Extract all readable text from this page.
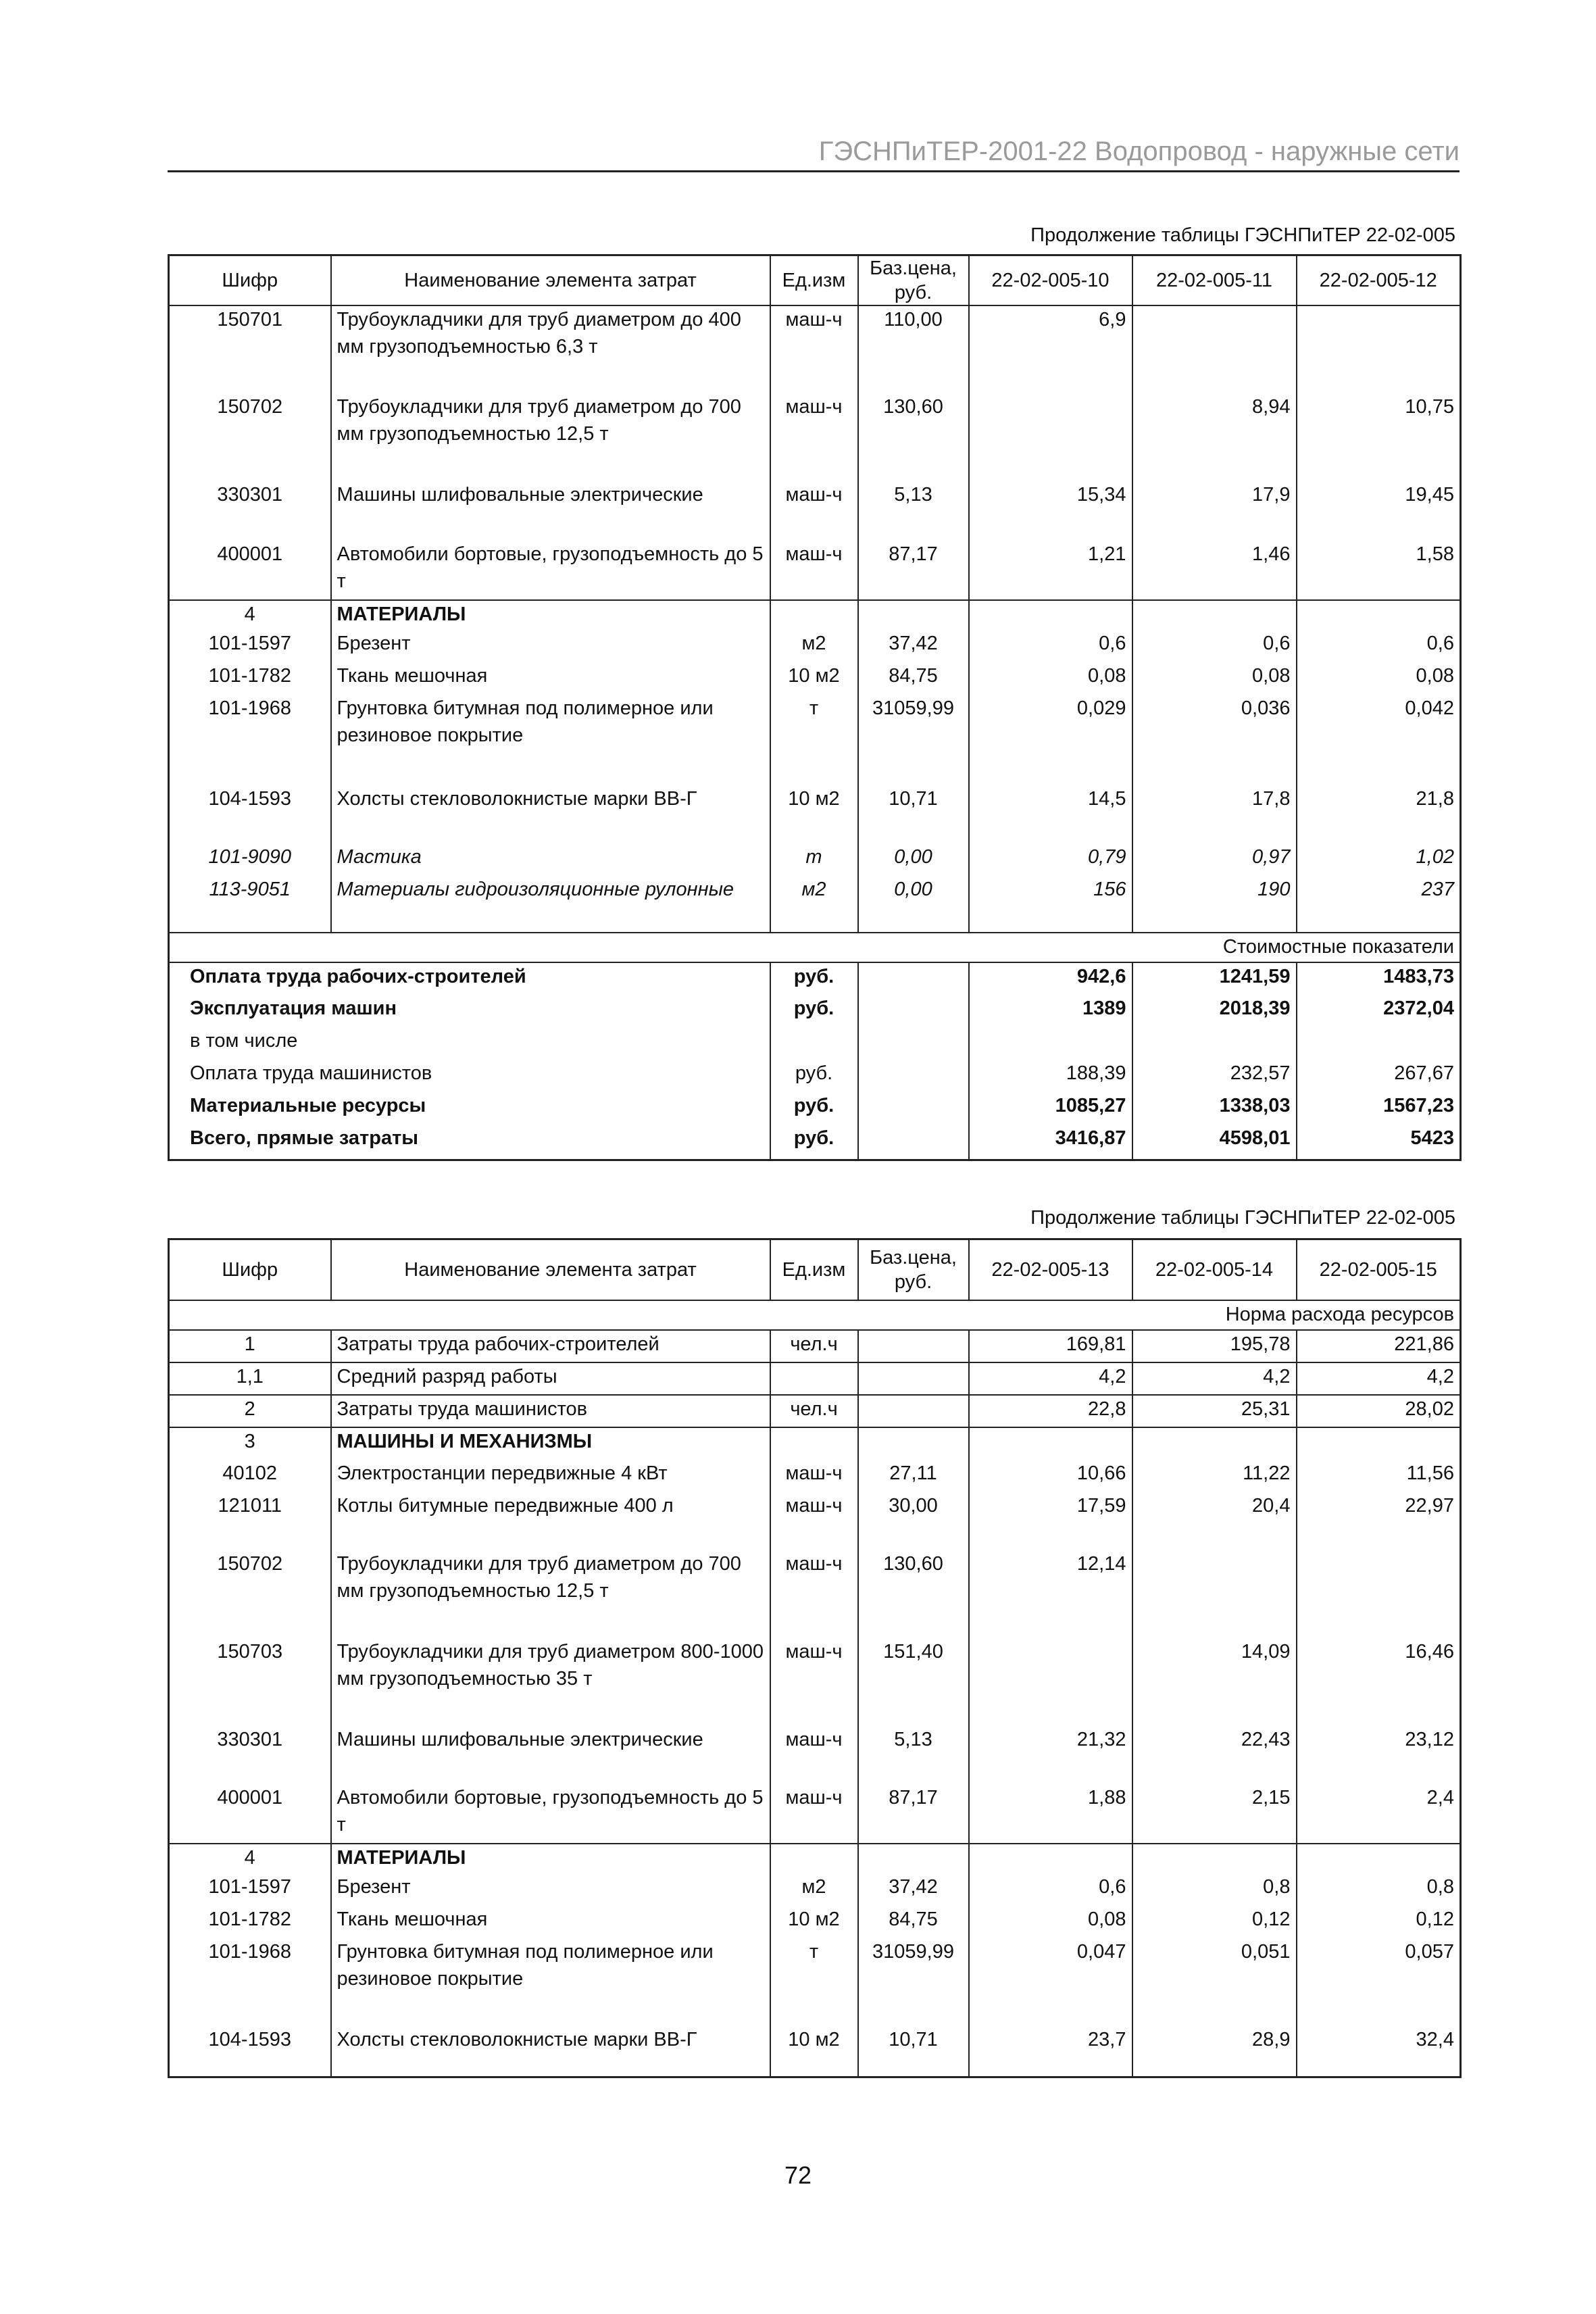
ГЭСНПиТЕР-2001-22 Водопровод - наружные сети
Продолжение таблицы ГЭСНПиТЕР 22-02-005
Шифр	Наименование элемента затрат	Ед.изм	Баз.цена, руб.	22-02-005-10	22-02-005-11	22-02-005-12
150701	Трубоукладчики для труб диаметром до 400 мм грузоподъемностью 6,3 т	маш-ч	110,00	6,9		
150702	Трубоукладчики для труб диаметром до 700 мм грузоподъемностью 12,5 т	маш-ч	130,60		8,94	10,75
330301	Машины шлифовальные электрические	маш-ч	5,13	15,34	17,9	19,45
400001	Автомобили бортовые, грузоподъемность до 5 т	маш-ч	87,17	1,21	1,46	1,58
4	МАТЕРИАЛЫ					
101-1597	Брезент	м2	37,42	0,6	0,6	0,6
101-1782	Ткань мешочная	10 м2	84,75	0,08	0,08	0,08
101-1968	Грунтовка битумная под полимерное или резиновое покрытие	т	31059,99	0,029	0,036	0,042
104-1593	Холсты стекловолокнистые марки ВВ-Г	10 м2	10,71	14,5	17,8	21,8
101-9090	Мастика	т	0,00	0,79	0,97	1,02
113-9051	Материалы гидроизоляционные рулонные	м2	0,00	156	190	237
Стоимостные показатели						
Оплата труда рабочих-строителей		руб.		942,6	1241,59	1483,73
Эксплуатация машин		руб.		1389	2018,39	2372,04
в том числе						
Оплата труда машинистов		руб.		188,39	232,57	267,67
Материальные ресурсы		руб.		1085,27	1338,03	1567,23
Всего, прямые затраты		руб.		3416,87	4598,01	5423
Продолжение таблицы ГЭСНПиТЕР 22-02-005
Шифр	Наименование элемента затрат	Ед.изм	Баз.цена, руб.	22-02-005-13	22-02-005-14	22-02-005-15
Норма расхода ресурсов						
1	Затраты труда рабочих-строителей	чел.ч		169,81	195,78	221,86
1,1	Средний разряд работы			4,2	4,2	4,2
2	Затраты труда машинистов	чел.ч		22,8	25,31	28,02
3	МАШИНЫ И МЕХАНИЗМЫ					
40102	Электростанции передвижные 4 кВт	маш-ч	27,11	10,66	11,22	11,56
121011	Котлы битумные передвижные 400 л	маш-ч	30,00	17,59	20,4	22,97
150702	Трубоукладчики для труб диаметром до 700 мм грузоподъемностью 12,5 т	маш-ч	130,60	12,14		
150703	Трубоукладчики для труб диаметром 800-1000 мм грузоподъемностью 35 т	маш-ч	151,40		14,09	16,46
330301	Машины шлифовальные электрические	маш-ч	5,13	21,32	22,43	23,12
400001	Автомобили бортовые, грузоподъемность до 5 т	маш-ч	87,17	1,88	2,15	2,4
4	МАТЕРИАЛЫ					
101-1597	Брезент	м2	37,42	0,6	0,8	0,8
101-1782	Ткань мешочная	10 м2	84,75	0,08	0,12	0,12
101-1968	Грунтовка битумная под полимерное или резиновое покрытие	т	31059,99	0,047	0,051	0,057
104-1593	Холсты стекловолокнистые марки ВВ-Г	10 м2	10,71	23,7	28,9	32,4
72
